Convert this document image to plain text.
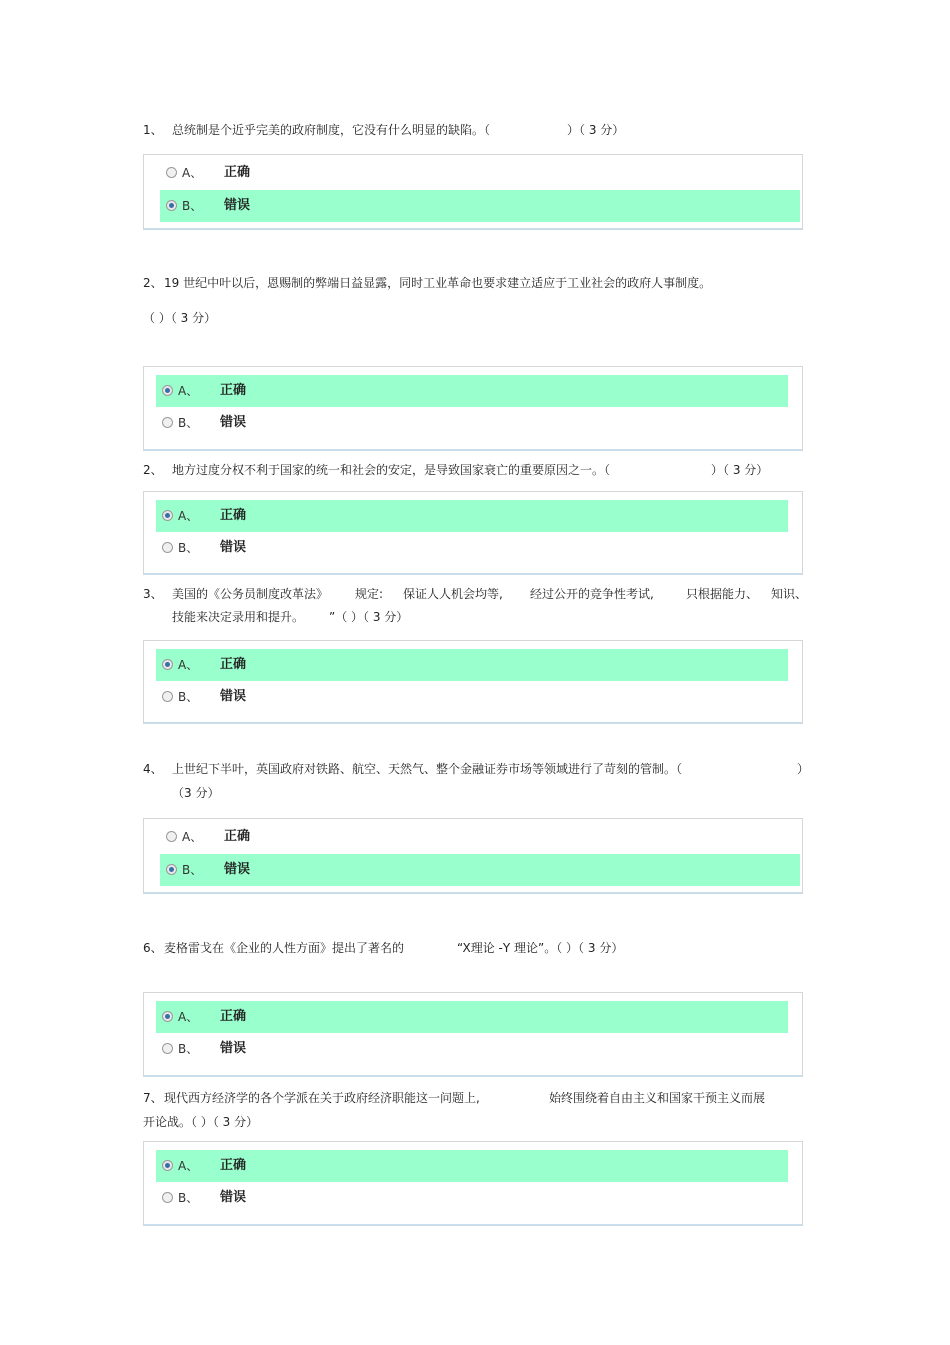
1、 总统制是个近乎完美的政府制度，它没有什么明显的缺陷。（	）（ 3 分）
A、 正确
B、 错误
2、 19 世纪中叶以后，恩赐制的弊端日益显露，同时工业革命也要求建立适应于工业社会的政府人事制度。
（ ）（ 3 分）
A、 正确
B、 错误
2、 地方过度分权不利于国家的统一和社会的安定，是导致国家衰亡的重要原因之一。（	）（ 3 分）
A、 正确
B、 错误
3、 美国的《公务员制度改革法》 规定: 保证人人机会均等, 经过公开的竞争性考试,	只根据能力、 知识、
技能来决定录用和提升。 ”（ ）（ 3 分）
A、 正确
B、 错误
4、 上世纪下半叶，英国政府对铁路、航空、天然气、整个金融证券市场等领域进行了苛刻的管制。（	）
（3 分）
A、 正确
B、 错误
6、 麦格雷戈在《企业的人性方面》提出了著名的	“X理论 -Y 理论”。（ ）（ 3 分）
A、 正确
B、 错误
7、 现代西方经济学的各个学派在关于政府经济职能这一问题上,	始终围绕着自由主义和国家干预主义而展
开论战。（ ）（ 3 分）
A、 正确
B、 错误
